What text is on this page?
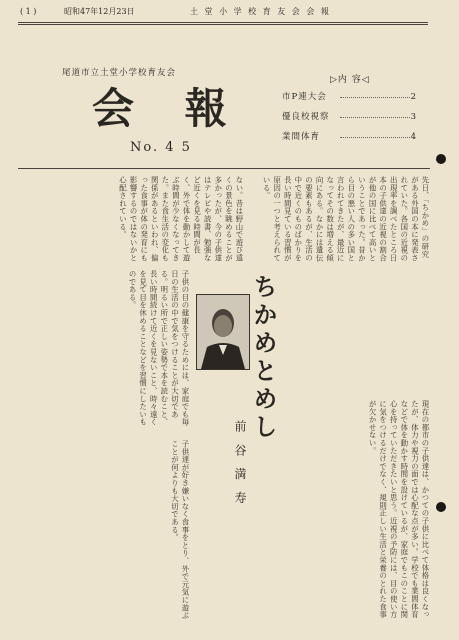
( 1 )	昭和47年12月23日	土 堂 小 学 校 育 友 会 会 報
尾道市立土堂小学校育友会
会 報
No. 4 5
▷内 容◁
市P連大会	2
優良校視察	3
業間体育	4
先日、「ちかめ」の研究がある外国の本に発表されていた。各国の近視の出現率を調べたところ日本の子供達の近視の割合が他の国に比べて高いということであった。昔から目の悪い人の多い国と言われてきたが、最近になってその数は増える傾向にある。なかには遺伝の要素もあるが、生活の中で近くのものばかりを長い時間見ている習慣が原因の一つと考えられている。
ない。昔は野山で遊び遠くの景色を眺めることが多かったが、今の子供達はテレビや読書、勉強など近くを見る時間が長く、外で体を動かして遊ぶ時間が少なくなってきた。また食生活の変化も関係があるといわれ、偏った食事が体の発育にも影響するのではないかと心配されている。
子供の目の健康を守るためには、家庭でも毎日の生活の中で気をつけることが大切である。明るい所で正しい姿勢で本を読むこと、長い時間続けて近くを見ないこと、時々遠くを見て目を休めることなどを習慣にしたいものである。	ちかめとめし
前 谷 満 寿
子供達が好き嫌いなく食事をとり、外で元気に遊ぶことが何よりも大切である。	現在の都市の子供達は、かつての子供に比べて体格は良くなったが、体力や視力の面では心配な点が多い。学校でも業間体育などで体を動かす時間を設けているが、家庭でもこのことに関心を持っていただきたいと思う。近視の予防には、目の使い方に気をつけるだけでなく、規則正しい生活と栄養のとれた食事が欠かせない。
